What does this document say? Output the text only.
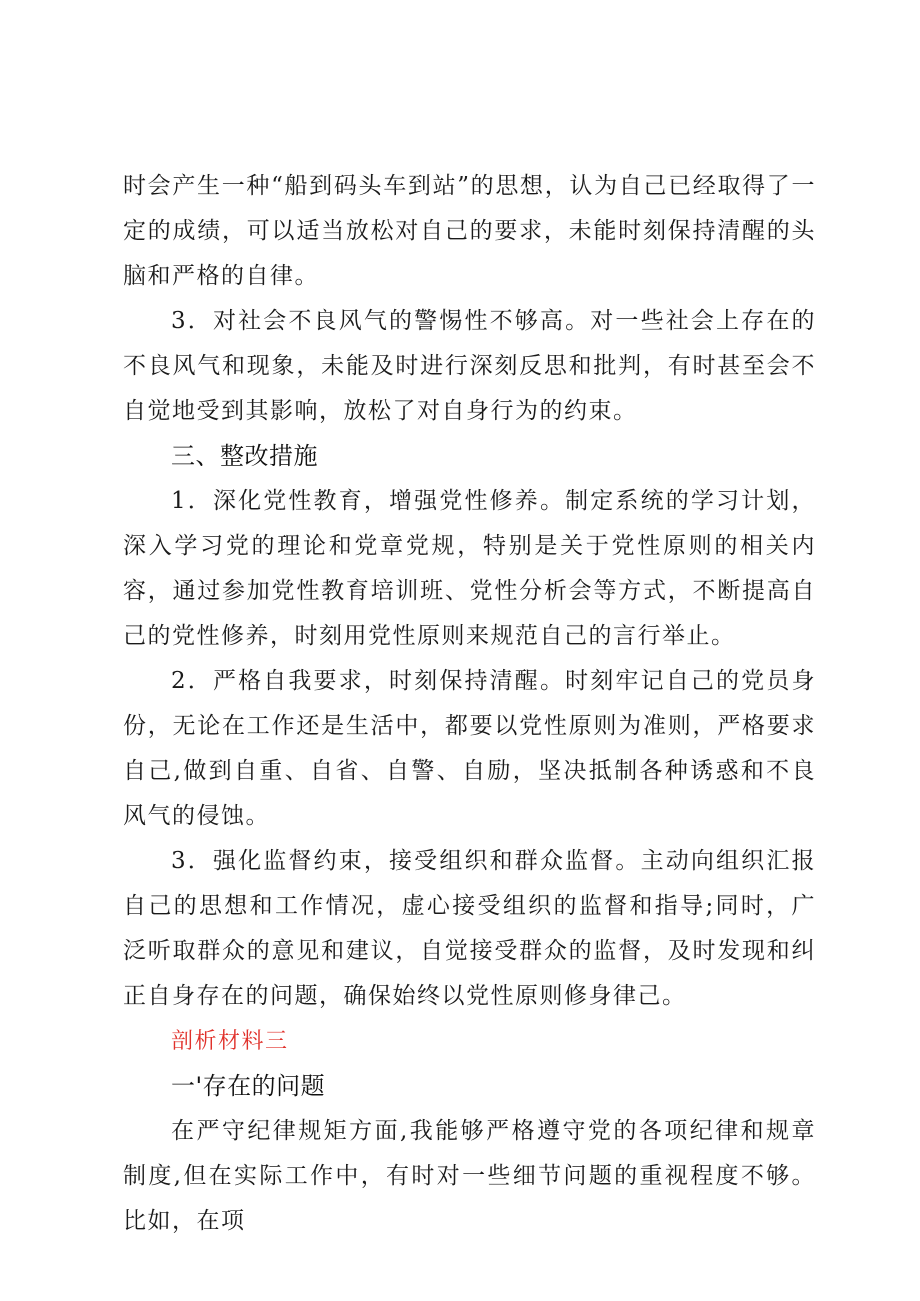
时会产生一种“船到码头车到站”的思想，认为自己已经取得了一定的成绩，可以适当放松对自己的要求，未能时刻保持清醒的头脑和严格的自律。

3．对社会不良风气的警惕性不够高。对一些社会上存在的不良风气和现象，未能及时进行深刻反思和批判，有时甚至会不自觉地受到其影响，放松了对自身行为的约束。

三、整改措施

1．深化党性教育，增强党性修养。制定系统的学习计划，深入学习党的理论和党章党规，特别是关于党性原则的相关内容，通过参加党性教育培训班、党性分析会等方式，不断提高自己的党性修养，时刻用党性原则来规范自己的言行举止。

2．严格自我要求，时刻保持清醒。时刻牢记自己的党员身份，无论在工作还是生活中，都要以党性原则为准则，严格要求自己,做到自重、自省、自警、自励，坚决抵制各种诱惑和不良风气的侵蚀。

3．强化监督约束，接受组织和群众监督。主动向组织汇报自己的思想和工作情况，虚心接受组织的监督和指导;同时，广泛听取群众的意见和建议，自觉接受群众的监督，及时发现和纠正自身存在的问题，确保始终以党性原则修身律己。

剖析材料三

一'存在的问题

在严守纪律规矩方面,我能够严格遵守党的各项纪律和规章制度,但在实际工作中，有时对一些细节问题的重视程度不够。比如，在项
